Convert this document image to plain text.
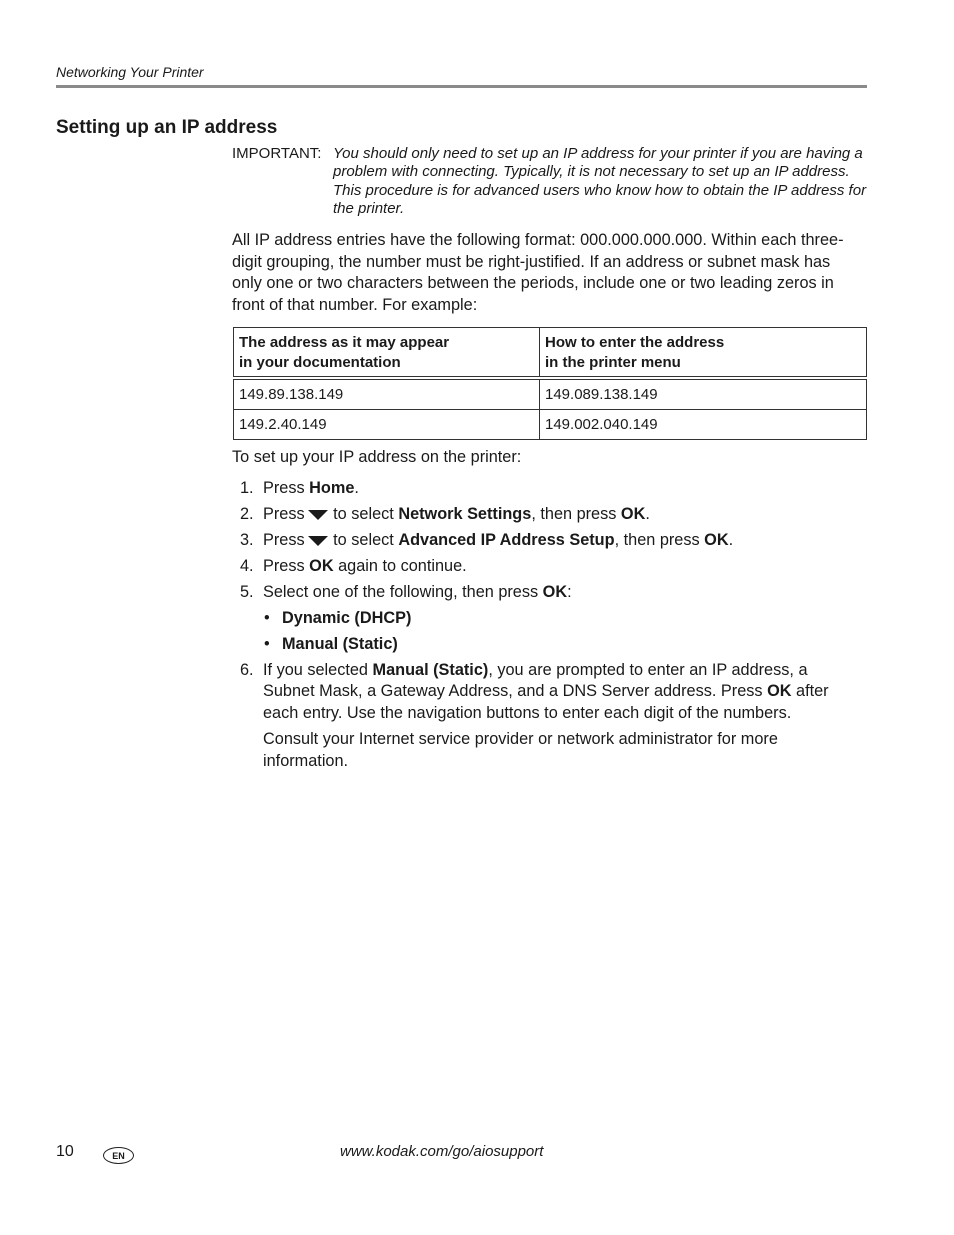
Networking Your Printer
Setting up an IP address
IMPORTANT: You should only need to set up an IP address for your printer if you are having a problem with connecting. Typically, it is not necessary to set up an IP address. This procedure is for advanced users who know how to obtain the IP address for the printer.

All IP address entries have the following format: 000.000.000.000. Within each three-digit grouping, the number must be right-justified. If an address or subnet mask has only one or two characters between the periods, include one or two leading zeros in front of that number. For example:

The address as it may appear
in your documentation	How to enter the address
in the printer menu
149.89.138.149	149.089.138.149
149.2.40.149	149.002.040.149

To set up your IP address on the printer:

1. Press Home.
2. Press to select Network Settings, then press OK.
3. Press to select Advanced IP Address Setup, then press OK.
4. Press OK again to continue.
5. Select one of the following, then press OK:
• Dynamic (DHCP)
• Manual (Static)
6. If you selected Manual (Static), you are prompted to enter an IP address, a Subnet Mask, a Gateway Address, and a DNS Server address. Press OK after each entry. Use the navigation buttons to enter each digit of the numbers.
Consult your Internet service provider or network administrator for more information.
10	EN	www.kodak.com/go/aiosupport
